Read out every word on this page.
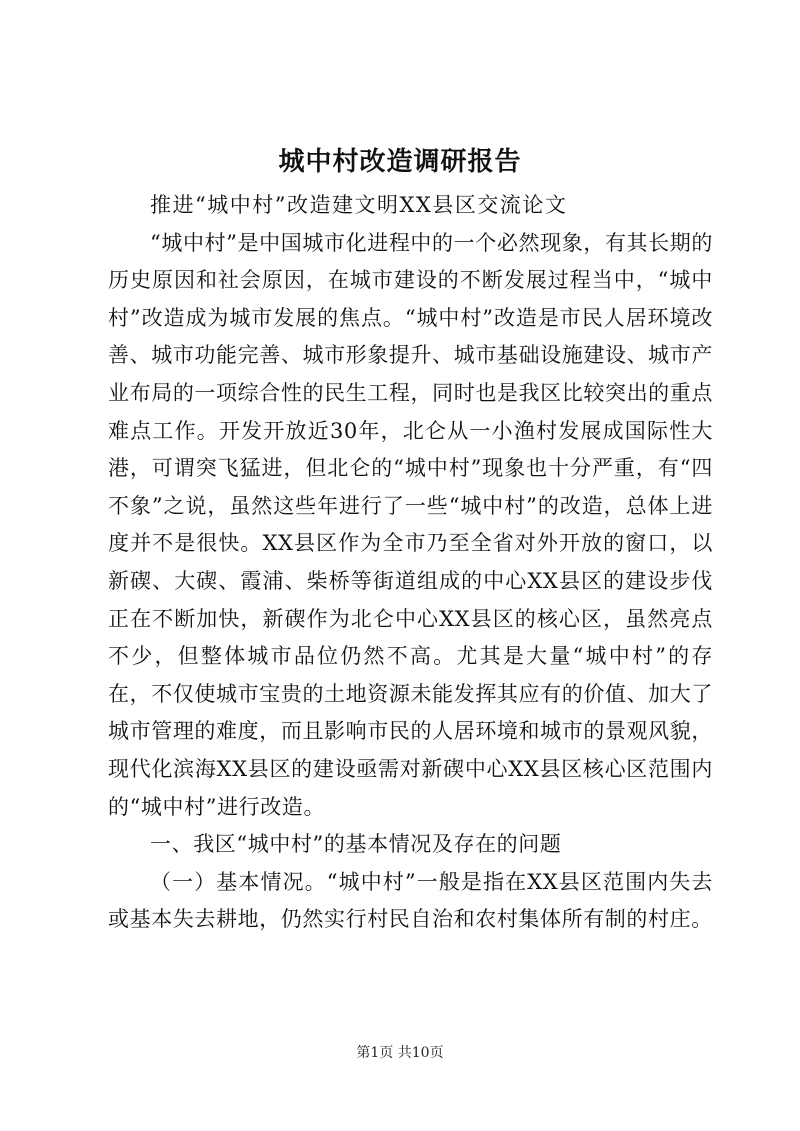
城中村改造调研报告

推进“城中村”改造建文明XX县区交流论文

“城中村”是中国城市化进程中的一个必然现象，有其长期的历史原因和社会原因，在城市建设的不断发展过程当中，“城中村”改造成为城市发展的焦点。“城中村”改造是市民人居环境改善、城市功能完善、城市形象提升、城市基础设施建设、城市产业布局的一项综合性的民生工程，同时也是我区比较突出的重点难点工作。开发开放近30年，北仑从一小渔村发展成国际性大港，可谓突飞猛进，但北仑的“城中村”现象也十分严重，有“四不象”之说，虽然这些年进行了一些“城中村”的改造，总体上进度并不是很快。XX县区作为全市乃至全省对外开放的窗口，以新碶、大碶、霞浦、柴桥等街道组成的中心XX县区的建设步伐正在不断加快，新碶作为北仑中心XX县区的核心区，虽然亮点不少，但整体城市品位仍然不高。尤其是大量“城中村”的存在，不仅使城市宝贵的土地资源未能发挥其应有的价值、加大了城市管理的难度，而且影响市民的人居环境和城市的景观风貌，现代化滨海XX县区的建设亟需对新碶中心XX县区核心区范围内的“城中村”进行改造。

一、我区“城中村”的基本情况及存在的问题

（一）基本情况。“城中村”一般是指在XX县区范围内失去或基本失去耕地，仍然实行村民自治和农村集体所有制的村庄。

第1页 共10页
